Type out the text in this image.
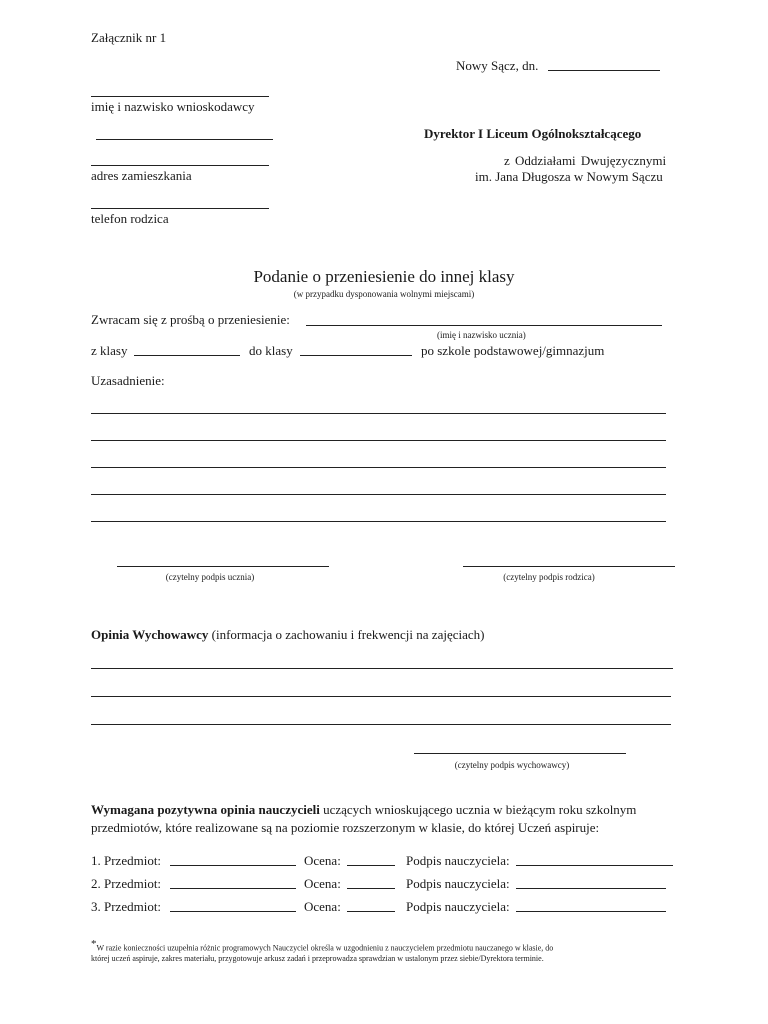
Załącznik nr 1
Nowy Sącz, dn.
imię i nazwisko wnioskodawcy
adres zamieszkania
telefon rodzica
Dyrektor I Liceum Ogólnokształcącego
z Oddziałami Dwujęzycznymi
im. Jana Długosza w Nowym Sączu
Podanie o przeniesienie do innej klasy
(w przypadku dysponowania wolnymi miejscami)
Zwracam się z prośbą o przeniesienie:
(imię i nazwisko ucznia)
z klasy	do klasy	po szkole podstawowej/gimnazjum
Uzasadnienie:
(czytelny podpis ucznia)	(czytelny podpis rodzica)
Opinia Wychowawcy (informacja o zachowaniu i frekwencji na zajęciach)
(czytelny podpis wychowawcy)
Wymagana pozytywna opinia nauczycieli uczących wnioskującego ucznia w bieżącym roku szkolnym
przedmiotów, które realizowane są na poziomie rozszerzonym w klasie, do której Uczeń aspiruje:
1. Przedmiot:	Ocena:	Podpis nauczyciela:
2. Przedmiot:	Ocena:	Podpis nauczyciela:
3. Przedmiot:	Ocena:	Podpis nauczyciela:
*W razie konieczności uzupełnia różnic programowych Nauczyciel określa w uzgodnieniu z nauczycielem przedmiotu nauczanego w klasie, do
której uczeń aspiruje, zakres materiału, przygotowuje arkusz zadań i przeprowadza sprawdzian w ustalonym przez siebie/Dyrektora terminie.
